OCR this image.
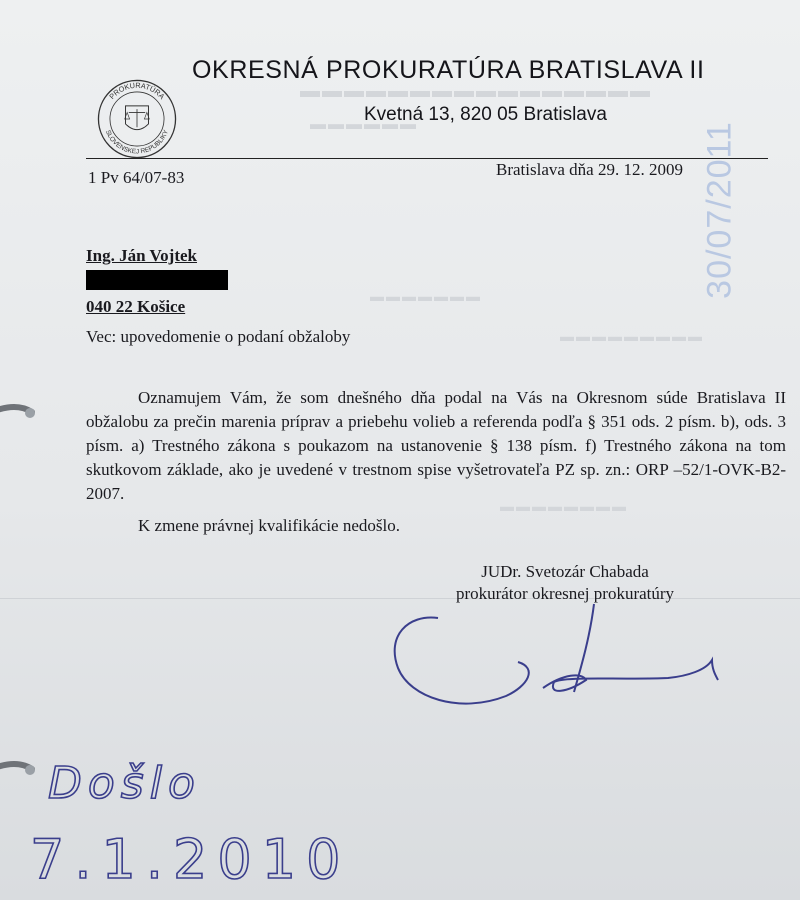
▬▬▬▬▬▬▬▬▬▬▬▬▬▬▬▬
▬▬▬▬▬▬
▬▬▬▬▬▬▬
▬▬▬▬▬▬▬▬▬
▬▬▬▬▬▬▬▬
PROKURATÚRA
SLOVENSKEJ REPUBLIKY
OKRESNÁ PROKURATÚRA BRATISLAVA II
Kvetná 13, 820 05 Bratislava
1 Pv 64/07-83	Bratislava dňa 29. 12. 2009
Ing. Ján Vojtek
040 22 Košice
Vec: upovedomenie o podaní obžaloby

Oznamujem Vám, že som dnešného dňa podal na Vás na Okresnom súde Bratislava II obžalobu za prečin marenia príprav a priebehu volieb a referenda podľa § 351 ods. 2 písm. b), ods. 3 písm. a) Trestného zákona s poukazom na ustanovenie § 138 písm. f) Trestného zákona na tom skutkovom základe, ako je uvedené v trestnom spise vyšetrovateľa PZ sp. zn.: ORP –52/1-OVK-B2-2007.

K zmene právnej kvalifikácie nedošlo.
JUDr. Svetozár Chabada
prokurátor okresnej prokuratúry
30/07/2011
Došlo
7.1.2010
